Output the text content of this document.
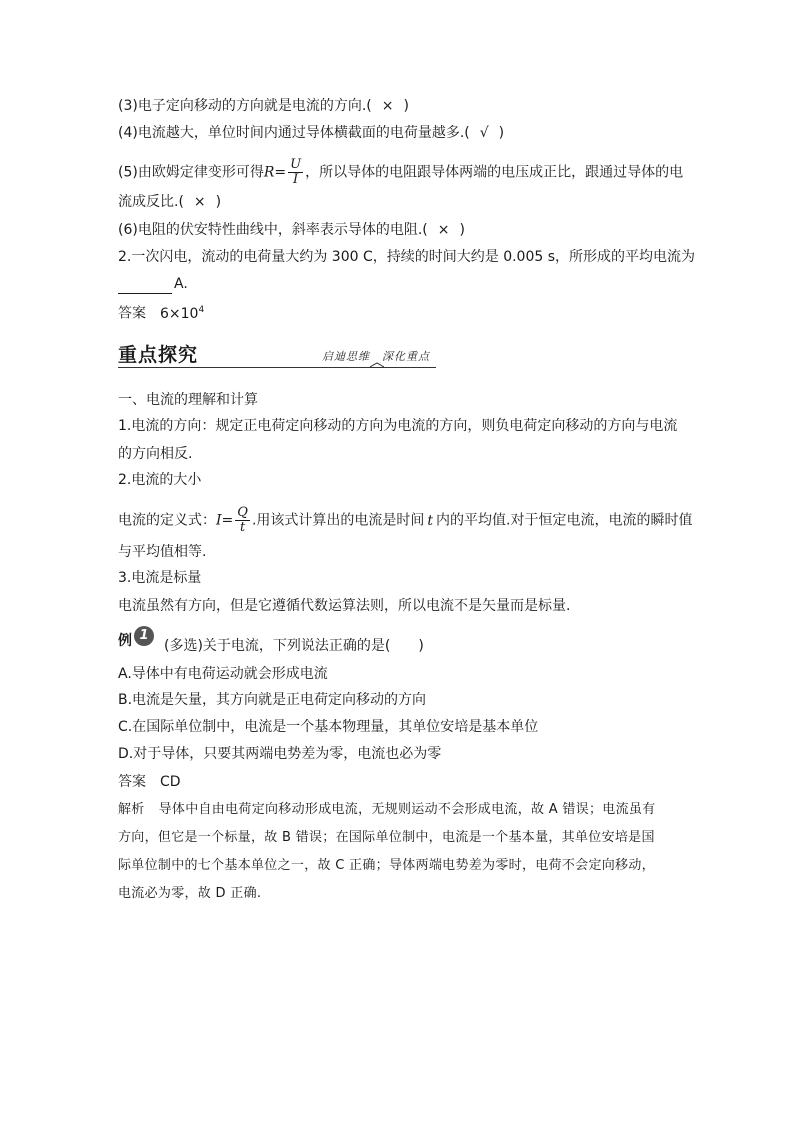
(3)电子定向移动的方向就是电流的方向.( × )
(4)电流越大，单位时间内通过导体横截面的电荷量越多.( √ )
(5)由欧姆定律变形可得$R= \frac{U}{I}$ ，所以导体的电阻跟导体两端的电压成正比，跟通过导体的电
流成反比.( × )
(6)电阻的伏安特性曲线中，斜率表示导体的电阻.( × )
2.一次闪电，流动的电荷量大约为 300 C，持续的时间大约是 0.005 s，所形成的平均电流为
A.
答案 $6\times 10^4$
重点探究	启迪思维　深化重点
一、电流的理解和计算
1.电流的方向：规定正电荷定向移动的方向为电流的方向，则负电荷定向移动的方向与电流
的方向相反.
2.电流的大小
电流的定义式：$I= \frac{Q}{t}$ .用该式计算出的电流是时间 t 内的平均值.对于恒定电流，电流的瞬时值
与平均值相等.
3.电流是标量
电流虽然有方向，但是它遵循代数运算法则，所以电流不是矢量而是标量.
例 1
(多选)关于电流，下列说法正确的是(　　)
A.导体中有电荷运动就会形成电流
B.电流是矢量，其方向就是正电荷定向移动的方向
C.在国际单位制中，电流是一个基本物理量，其单位安培是基本单位
D.对于导体，只要其两端电势差为零，电流也必为零
答案 CD
解析 导体中自由电荷定向移动形成电流，无规则运动不会形成电流，故 A 错误；电流虽有
方向，但它是一个标量，故 B 错误；在国际单位制中，电流是一个基本量，其单位安培是国
际单位制中的七个基本单位之一，故 C 正确；导体两端电势差为零时，电荷不会定向移动，
电流必为零，故 D 正确.
